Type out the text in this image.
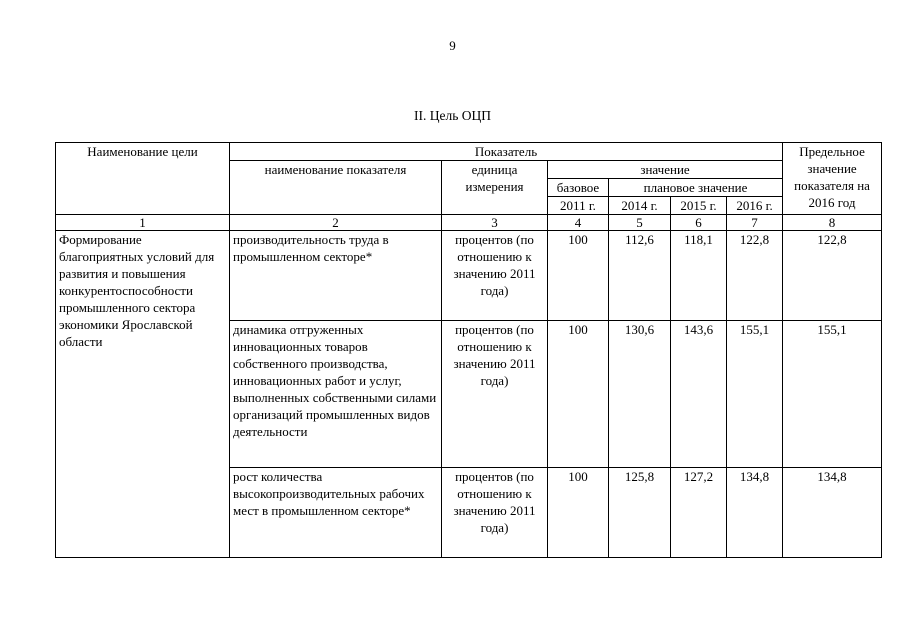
9
II. Цель ОЦП
Наименование цели	Показатель						Предельное значение показателя на 2016 год
	наименование показателя	единица измерения	значение				
			базовое	плановое значение			
			2011 г.	2014 г.	2015 г.	2016 г.	
1	2	3	4	5	6	7	8
Формирование благоприятных условий для развития и повышения конкурентоспособности промышленного сектора экономики Ярославской области	производительность труда в промышленном секторе*	процентов (по отношению к значению 2011 года)	100	112,6	118,1	122,8	122,8
	динамика отгруженных инновационных товаров собственного производства, инновационных работ и услуг, выполненных собственными силами организаций промышленных видов деятельности	процентов (по отношению к значению 2011 года)	100	130,6	143,6	155,1	155,1
	рост количества высокопроизводительных рабочих мест в промышленном секторе*	процентов (по отношению к значению 2011 года)	100	125,8	127,2	134,8	134,8
